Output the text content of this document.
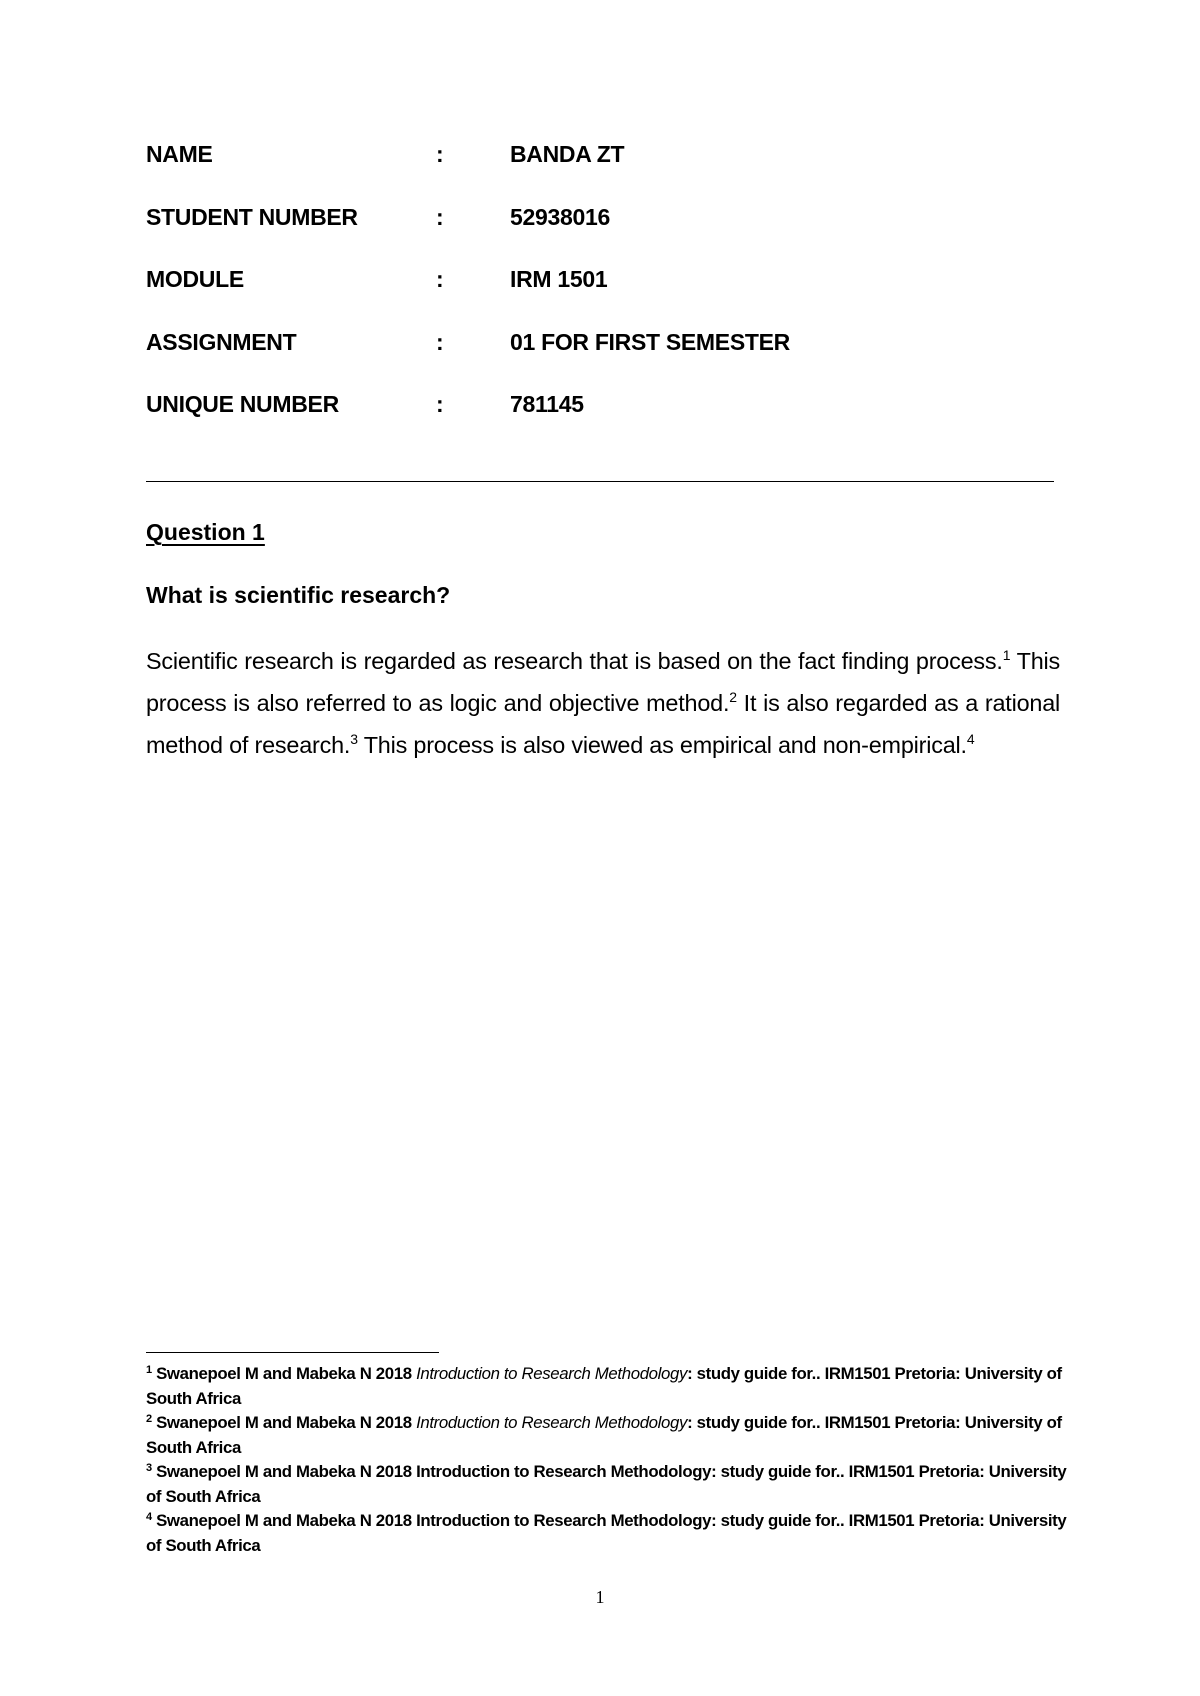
NAME	:	BANDA ZT
STUDENT NUMBER	:	52938016
MODULE	:	IRM 1501
ASSIGNMENT	:	01 FOR FIRST SEMESTER
UNIQUE NUMBER	:	781145
Question 1
What is scientific research?

Scientific research is regarded as research that is based on the fact finding process.$^1$ This process is also referred to as logic and objective method.$^2$ It is also regarded as a rational method of research.$^3$ This process is also viewed as empirical and non-empirical.$^4$

$^1$ Swanepoel M and Mabeka N 2018 Introduction to Research Methodology: study guide for.. IRM1501 Pretoria: University of South Africa

$^2$ Swanepoel M and Mabeka N 2018 Introduction to Research Methodology: study guide for.. IRM1501 Pretoria: University of South Africa

$^3$ Swanepoel M and Mabeka N 2018 Introduction to Research Methodology: study guide for.. IRM1501 Pretoria: University of South Africa

$^4$ Swanepoel M and Mabeka N 2018 Introduction to Research Methodology: study guide for.. IRM1501 Pretoria: University of South Africa

1
